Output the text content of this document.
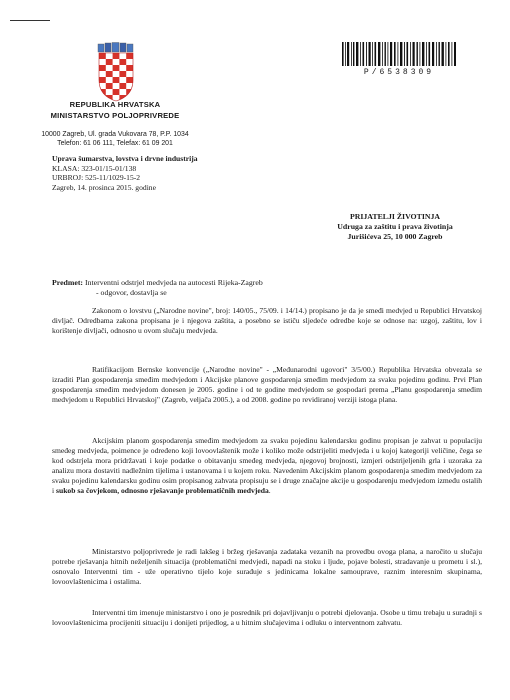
REPUBLIKA HRVATSKA
MINISTARSTVO POLJOPRIVREDE
10000 Zagreb, Ul. grada Vukovara 78, P.P. 1034
Telefon: 61 06 111, Telefax: 61 09 201
P/6538309
Uprava šumarstva, lovstva i drvne industrija
KLASA: 323-01/15-01/138
URBROJ: 525-11/1029-15-2
Zagreb, 14. prosinca 2015. godine
PRIJATELJI ŽIVOTINJA
Udruga za zaštitu i prava životinja
Jurišićeva 25, 10 000 Zagreb
Predmet: Interventni odstrjel medvjeda na autocesti Rijeka-Zagreb
- odgovor, dostavlja se

Zakonom o lovstvu („Narodne novine", broj: 140/05., 75/09. i 14/14.) propisano je da je smeđi medvjed u Republici Hrvatskoj divljač. Odredbama zakona propisana je i njegova zaštita, a posebno se ističu sljedeće odredbe koje se odnose na: uzgoj, zaštitu, lov i korištenje divljači, odnosno u ovom slučaju medvjeda.

Ratifikacijom Bernske konvencije („Narodne novine" - „Međunarodni ugovori" 3/5/00.) Republika Hrvatska obvezala se izraditi Plan gospodarenja smeđim medvjedom i Akcijske planove gospodarenja smeđim medvjedom za svaku pojedinu godinu. Prvi Plan gospodarenja smeđim medvjedom donesen je 2005. godine i od te godine medvjedom se gospodari prema „Planu gospodarenja smeđim medvjedom u Republici Hrvatskoj" (Zagreb, veljača 2005.), a od 2008. godine po revidiranoj verziji istoga plana.

Akcijskim planom gospodarenja smeđim medvjedom za svaku pojedinu kalendarsku godinu propisan je zahvat u populaciju smeđeg medvjeda, poimence je određeno koji lovoovlaštenik može i koliko može odstrijeliti medvjeda i u kojoj kategoriji veličine, čega se kod odstrjela mora pridržavati i koje podatke o obitavanju smeđeg medvjeda, njegovoj brojnosti, izmjeri odstrijeljenih grla i uzoraka za analizu mora dostaviti nadležnim tijelima i ustanovama i u kojem roku. Navedenim Akcijskim planom gospodarenja smeđim medvjedom za svaku pojedinu kalendarsku godinu osim propisanog zahvata propisuju se i druge značajne akcije u gospodarenju medvjedom između ostalih i sukob sa čovjekom, odnosno rješavanje problematičnih medvjeda.

Ministarstvo poljoprivrede je radi lakšeg i bržeg rješavanja zadataka vezanih na provedbu ovoga plana, a naročito u slučaju potrebe rješavanja hitnih neželjenih situacija (problematični medvjedi, napadi na stoku i ljude, pojave bolesti, stradavanje u prometu i sl.), osnovalo Interventni tim - uže operativno tijelo koje surađuje s jedinicama lokalne samouprave, raznim interesnim skupinama, lovoovlaštenicima i ostalima.

Interventni tim imenuje ministarstvo i ono je posrednik pri dojavljivanju o potrebi djelovanja. Osobe u timu trebaju u suradnji s lovoovlaštenicima procijeniti situaciju i donijeti prijedlog, a u hitnim slučajevima i odluku o interventnom zahvatu.
